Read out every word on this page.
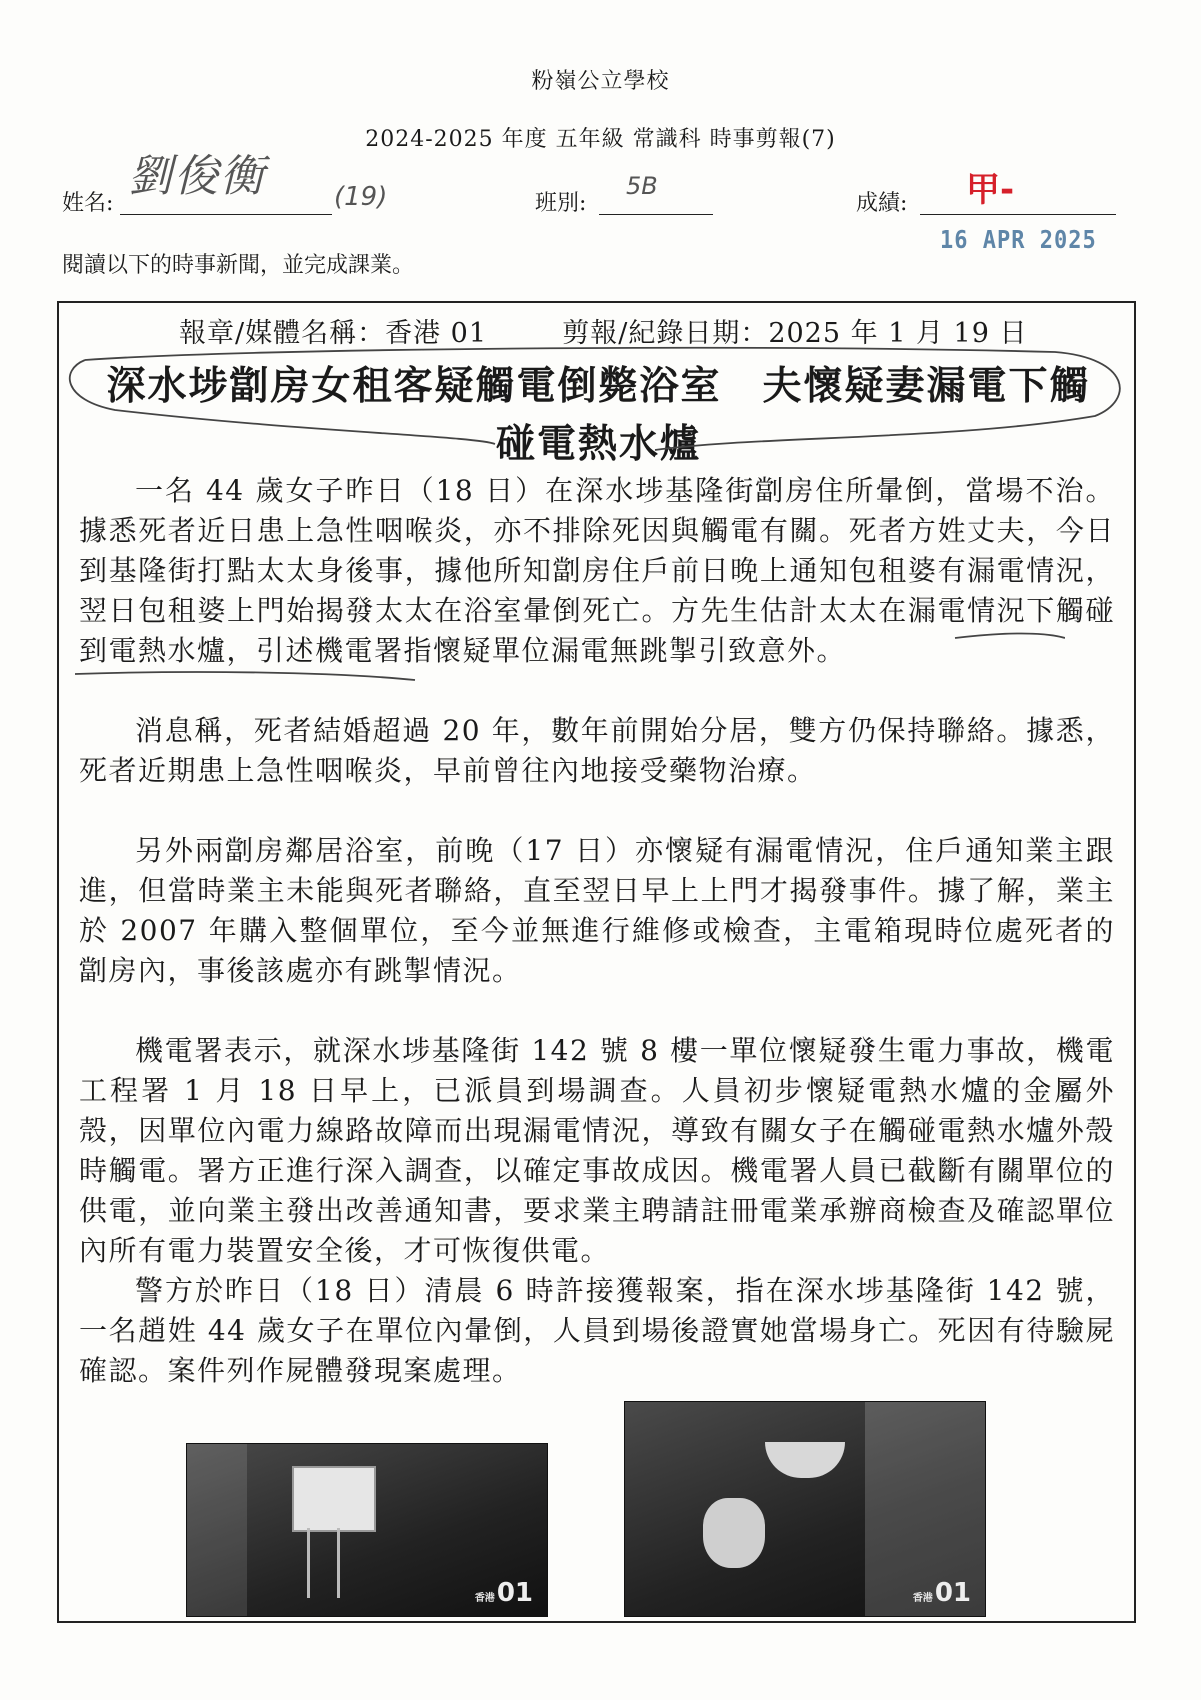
粉嶺公立學校
2024-2025 年度 五年級 常識科 時事剪報(7)
姓名:
劉俊衡	(19)	班別:
5B
成績: 甲-
16 APR 2025
閱讀以下的時事新聞，並完成課業。
報章/媒體名稱：香港 01	剪報/紀錄日期：2025 年 1 月 19 日
深水埗劏房女租客疑觸電倒斃浴室　夫懷疑妻漏電下觸
碰電熱水爐

一名 44 歲女子昨日（18 日）在深水埗基隆街劏房住所暈倒，當場不治。據悉死者近日患上急性咽喉炎，亦不排除死因與觸電有關。死者方姓丈夫，今日到基隆街打點太太身後事，據他所知劏房住戶前日晚上通知包租婆有漏電情況，翌日包租婆上門始揭發太太在浴室暈倒死亡。方先生估計太太在漏電情況下觸碰到電熱水爐，引述機電署指懷疑單位漏電無跳掣引致意外。

消息稱，死者結婚超過 20 年，數年前開始分居，雙方仍保持聯絡。據悉，死者近期患上急性咽喉炎，早前曾往內地接受藥物治療。

另外兩劏房鄰居浴室，前晚（17 日）亦懷疑有漏電情況，住戶通知業主跟進，但當時業主未能與死者聯絡，直至翌日早上上門才揭發事件。據了解，業主於 2007 年購入整個單位，至今並無進行維修或檢查，主電箱現時位處死者的劏房內，事後該處亦有跳掣情況。

機電署表示，就深水埗基隆街 142 號 8 樓一單位懷疑發生電力事故，機電工程署 1 月 18 日早上，已派員到場調查。人員初步懷疑電熱水爐的金屬外殼，因單位內電力線路故障而出現漏電情況，導致有關女子在觸碰電熱水爐外殼時觸電。署方正進行深入調查，以確定事故成因。機電署人員已截斷有關單位的供電，並向業主發出改善通知書，要求業主聘請註冊電業承辦商檢查及確認單位內所有電力裝置安全後，才可恢復供電。

警方於昨日（18 日）清晨 6 時許接獲報案，指在深水埗基隆街 142 號，一名趙姓 44 歲女子在單位內暈倒，人員到場後證實她當場身亡。死因有待驗屍確認。案件列作屍體發現案處理。

香港01	香港01
